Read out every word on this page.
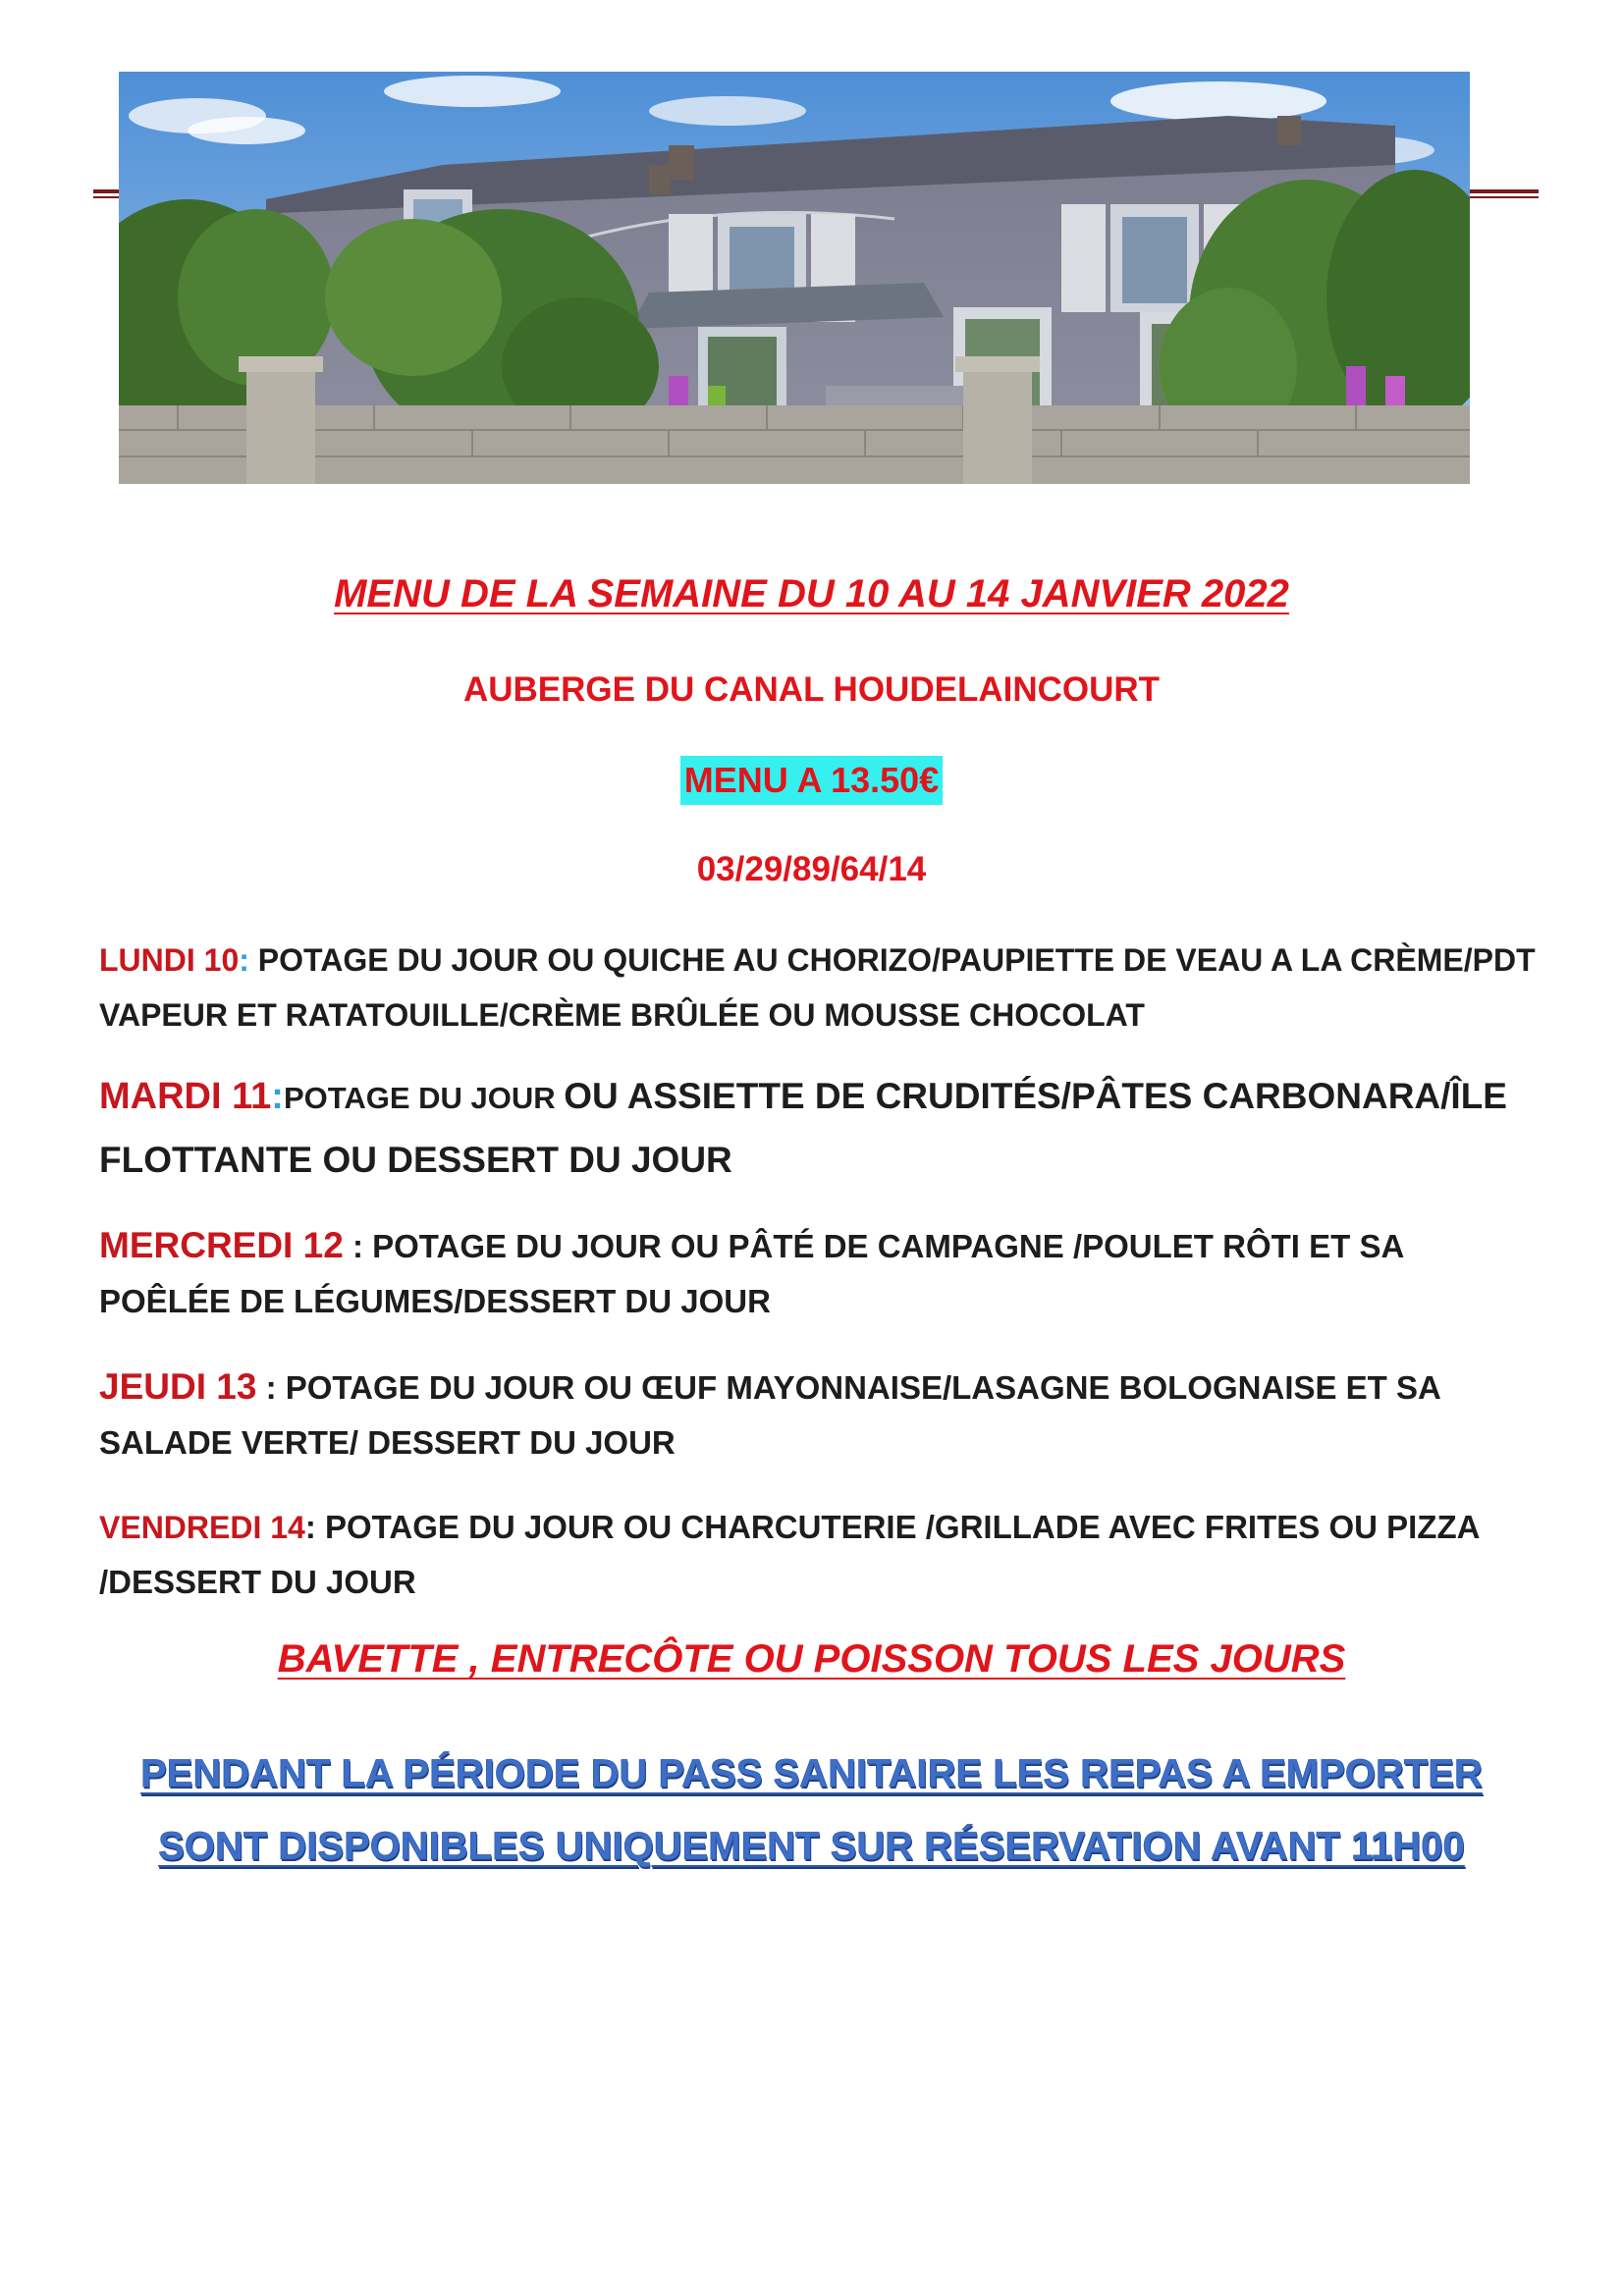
MENU DE LA SEMAINE DU 10 AU 14 JANVIER 2022
AUBERGE DU CANAL HOUDELAINCOURT
MENU A 13.50€
03/29/89/64/14
LUNDI 10: POTAGE DU JOUR OU QUICHE AU CHORIZO/PAUPIETTE DE VEAU A LA CRÈME/PDT VAPEUR ET RATATOUILLE/CRÈME BRÛLÉE OU MOUSSE CHOCOLAT
MARDI 11:POTAGE DU JOUR OU ASSIETTE DE CRUDITÉS/PÂTES CARBONARA/ÎLE FLOTTANTE OU DESSERT DU JOUR
MERCREDI 12 : POTAGE DU JOUR OU PÂTÉ DE CAMPAGNE /POULET RÔTI ET SA POÊLÉE DE LÉGUMES/DESSERT DU JOUR
JEUDI 13 : POTAGE DU JOUR OU ŒUF MAYONNAISE/LASAGNE BOLOGNAISE ET SA SALADE VERTE/ DESSERT DU JOUR
VENDREDI 14: POTAGE DU JOUR OU CHARCUTERIE /GRILLADE AVEC FRITES OU PIZZA /DESSERT DU JOUR
BAVETTE , ENTRECÔTE OU POISSON TOUS LES JOURS
PENDANT LA PÉRIODE DU PASS SANITAIRE LES REPAS A EMPORTER
SONT DISPONIBLES UNIQUEMENT SUR RÉSERVATION AVANT 11H00
